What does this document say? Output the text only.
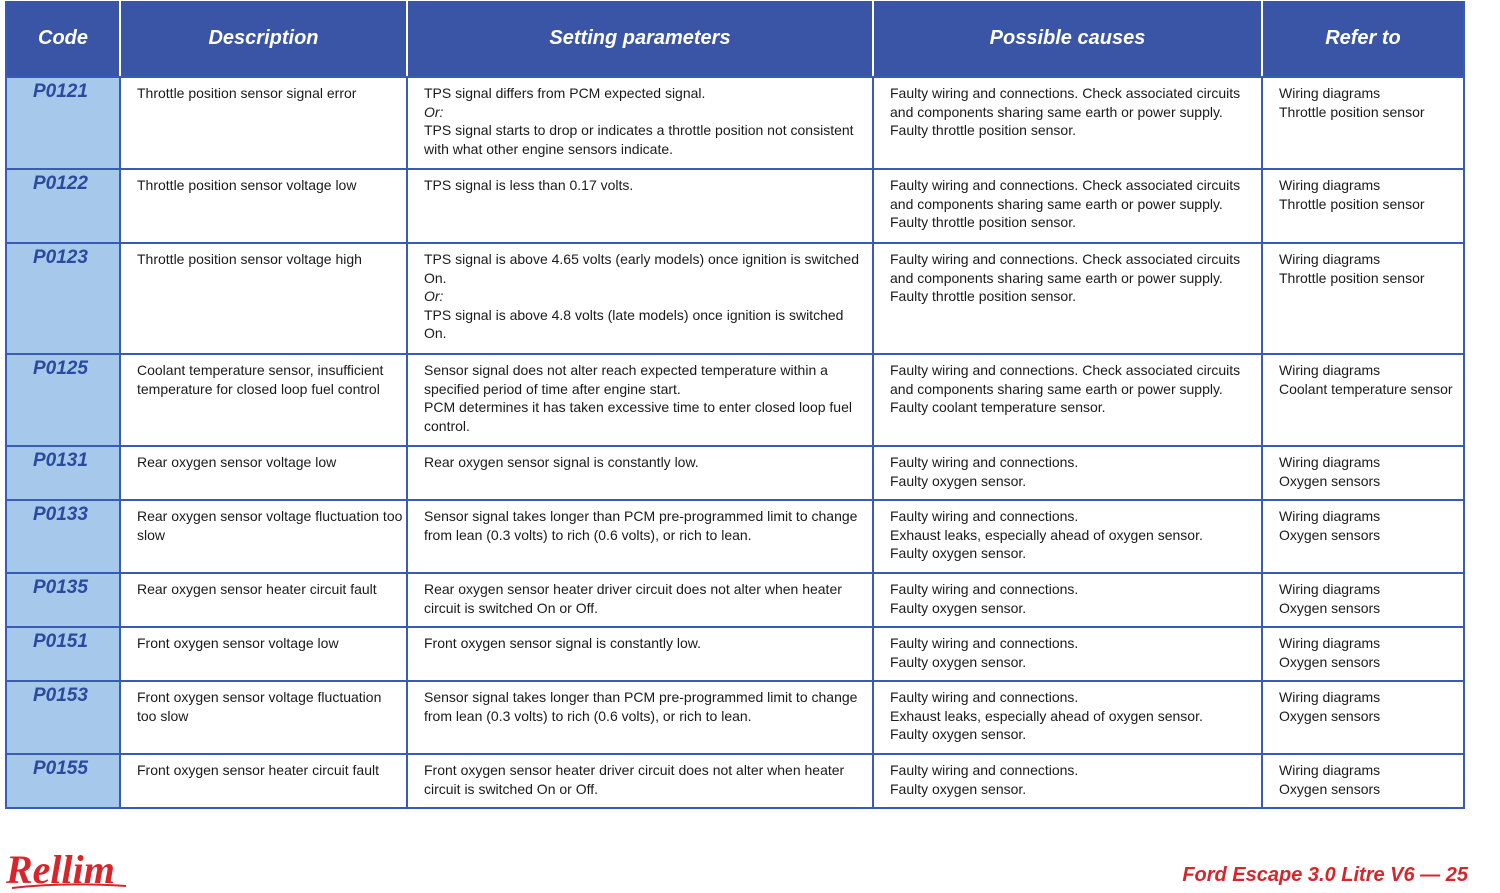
Code	Description	Setting parameters	Possible causes	Refer to
P0121	Throttle position sensor signal error	TPS signal differs from PCM expected signal.
Or:
TPS signal starts to drop or indicates a throttle position not consistent
with what other engine sensors indicate.	Faulty wiring and connections. Check associated circuits
and components sharing same earth or power supply.
Faulty throttle position sensor.	Wiring diagrams
Throttle position sensor

P0122	Throttle position sensor voltage low	TPS signal is less than 0.17 volts.	Faulty wiring and connections. Check associated circuits
and components sharing same earth or power supply.
Faulty throttle position sensor.	Wiring diagrams
Throttle position sensor

P0123	Throttle position sensor voltage high	TPS signal is above 4.65 volts (early models) once ignition is switched
On.
Or:
TPS signal is above 4.8 volts (late models) once ignition is switched
On.	Faulty wiring and connections. Check associated circuits
and components sharing same earth or power supply.
Faulty throttle position sensor.	Wiring diagrams
Throttle position sensor

P0125	Coolant temperature sensor, insufficient
temperature for closed loop fuel control	Sensor signal does not alter reach expected temperature within a
specified period of time after engine start.
PCM determines it has taken excessive time to enter closed loop fuel
control.	Faulty wiring and connections. Check associated circuits
and components sharing same earth or power supply.
Faulty coolant temperature sensor.	Wiring diagrams
Coolant temperature sensor

P0131	Rear oxygen sensor voltage low	Rear oxygen sensor signal is constantly low.	Faulty wiring and connections.
Faulty oxygen sensor.	Wiring diagrams
Oxygen sensors

P0133	Rear oxygen sensor voltage fluctuation too
slow	Sensor signal takes longer than PCM pre-programmed limit to change
from lean (0.3 volts) to rich (0.6 volts), or rich to lean.	Faulty wiring and connections.
Exhaust leaks, especially ahead of oxygen sensor.
Faulty oxygen sensor.	Wiring diagrams
Oxygen sensors

P0135	Rear oxygen sensor heater circuit fault	Rear oxygen sensor heater driver circuit does not alter when heater
circuit is switched On or Off.	Faulty wiring and connections.
Faulty oxygen sensor.	Wiring diagrams
Oxygen sensors

P0151	Front oxygen sensor voltage low	Front oxygen sensor signal is constantly low.	Faulty wiring and connections.
Faulty oxygen sensor.	Wiring diagrams
Oxygen sensors

P0153	Front oxygen sensor voltage fluctuation
too slow	Sensor signal takes longer than PCM pre-programmed limit to change
from lean (0.3 volts) to rich (0.6 volts), or rich to lean.	Faulty wiring and connections.
Exhaust leaks, especially ahead of oxygen sensor.
Faulty oxygen sensor.	Wiring diagrams
Oxygen sensors

P0155	Front oxygen sensor heater circuit fault	Front oxygen sensor heater driver circuit does not alter when heater
circuit is switched On or Off.	Faulty wiring and connections.
Faulty oxygen sensor.	Wiring diagrams
Oxygen sensors
Rellim	Ford Escape 3.0 Litre V6 — 25
